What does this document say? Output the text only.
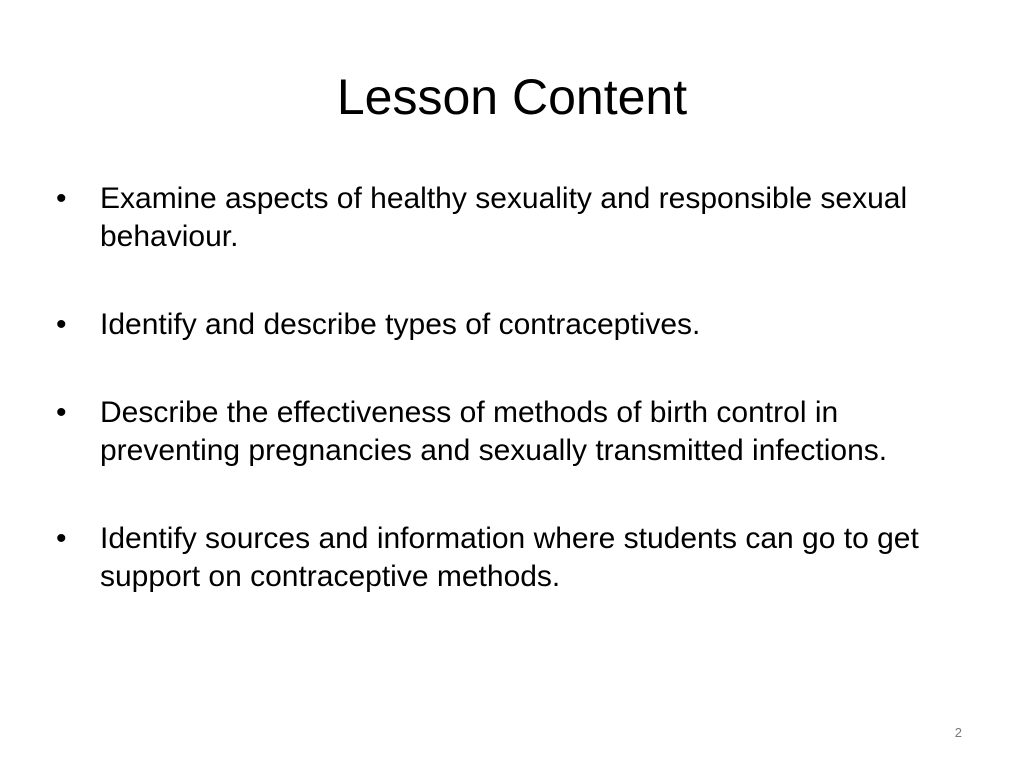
Lesson Content
•	Examine aspects of healthy sexuality and responsible sexual behaviour.
•	Identify and describe types of contraceptives.
•	Describe the effectiveness of methods of birth control in preventing pregnancies and sexually transmitted infections.
•	Identify sources and information where students can go to get support on contraceptive methods.
2
